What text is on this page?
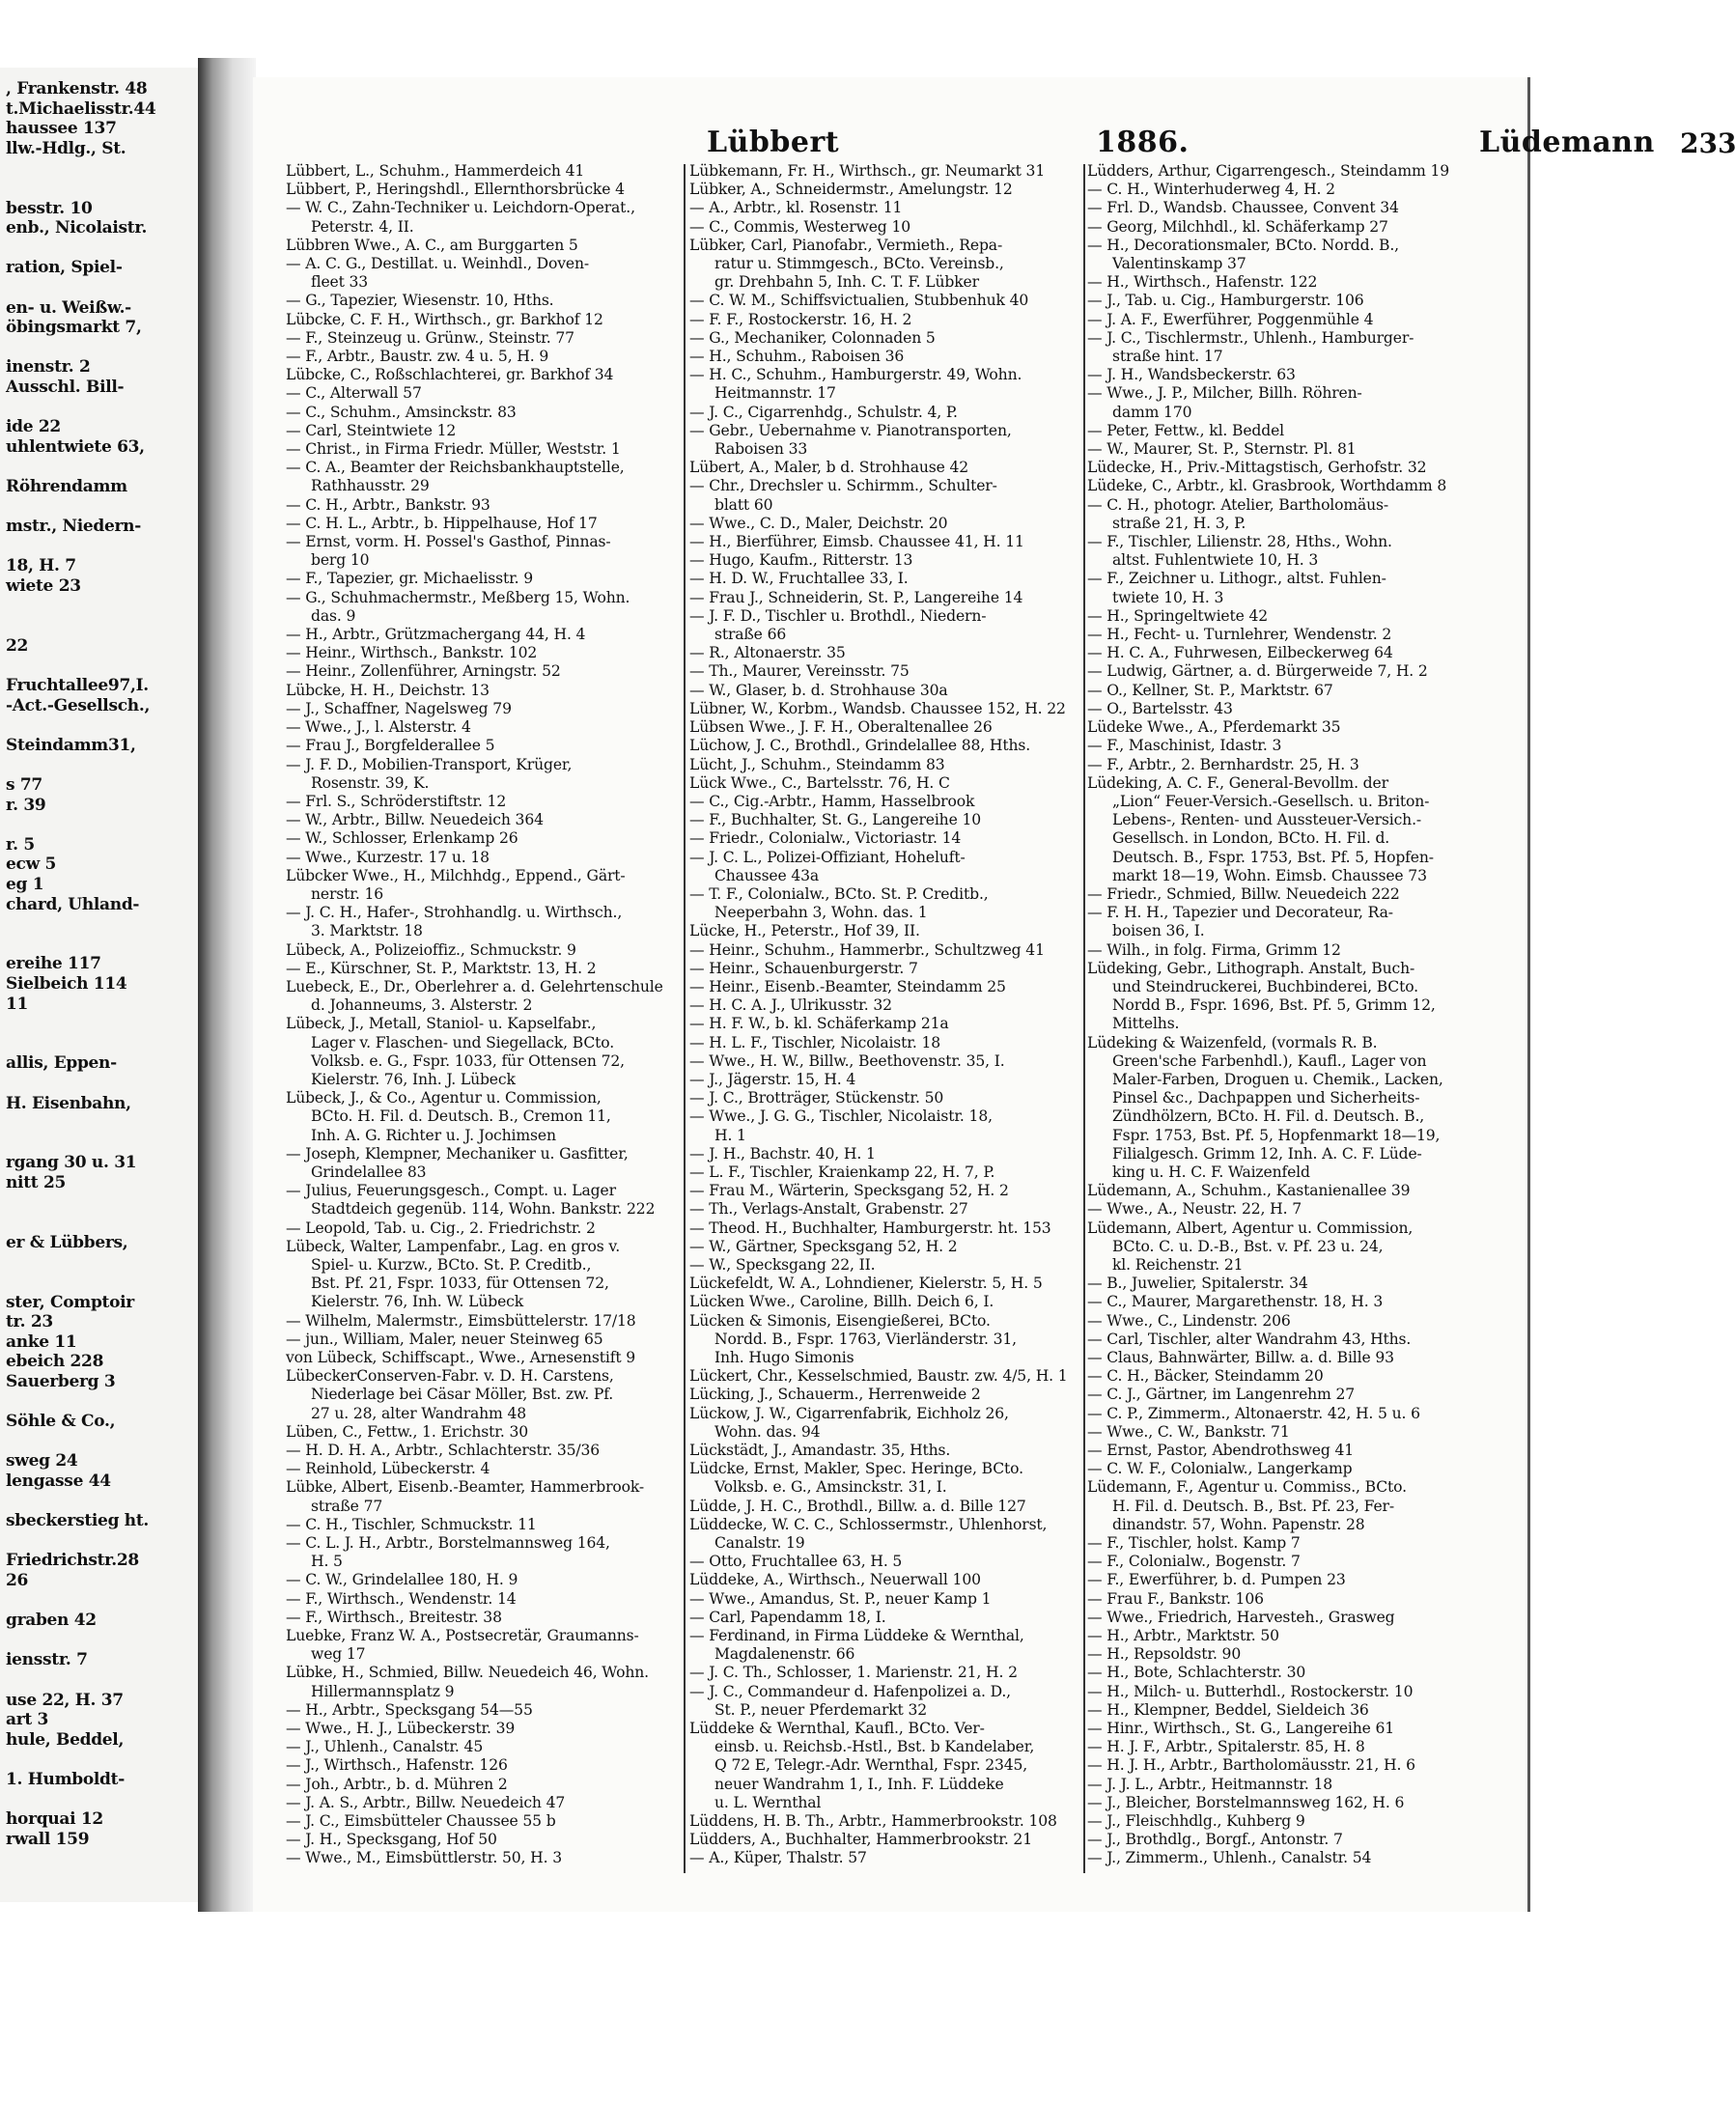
, Frankenstr. 48
t.Michaelisstr.44
haussee 137
llw.-Hdlg., St.
besstr. 10
enb., Nicolaistr.
ration, Spiel-
en- u. Weißw.-
öbingsmarkt 7,
inenstr. 2
Ausschl. Bill-
ide 22
uhlentwiete 63,
Röhrendamm
mstr., Niedern-
18, H. 7
wiete 23
22
Fruchtallee97,I.
-Act.-Gesellsch.,
Steindamm31,
s 77
r. 39
r. 5
ecw 5
eg 1
chard, Uhland-
ereihe 117
Sielbeich 114
11
allis, Eppen-
H. Eisenbahn,
rgang 30 u. 31
nitt 25
er & Lübbers,
ster, Comptoir
tr. 23
anke 11
ebeich 228
Sauerberg 3
Söhle & Co.,
sweg 24
lengasse 44
sbeckerstieg ht.
Friedrichstr.28
26
graben 42
iensstr. 7
use 22, H. 37
art 3
hule, Beddel,
1. Humboldt-
horquai 12
rwall 159
Lübbert	1886.	Lüdemann 233
Lübbert, L., Schuhm., Hammerdeich 41
Lübbert, P., Heringshdl., Ellernthorsbrücke 4
— W. C., Zahn-Techniker u. Leichdorn-Operat.,
Peterstr. 4, II.
Lübbren Wwe., A. C., am Burggarten 5
— A. C. G., Destillat. u. Weinhdl., Doven-
fleet 33
— G., Tapezier, Wiesenstr. 10, Hths.
Lübcke, C. F. H., Wirthsch., gr. Barkhof 12
— F., Steinzeug u. Grünw., Steinstr. 77
— F., Arbtr., Baustr. zw. 4 u. 5, H. 9
Lübcke, C., Roßschlachterei, gr. Barkhof 34
— C., Alterwall 57
— C., Schuhm., Amsinckstr. 83
— Carl, Steintwiete 12
— Christ., in Firma Friedr. Müller, Weststr. 1
— C. A., Beamter der Reichsbankhauptstelle,
Rathhausstr. 29
— C. H., Arbtr., Bankstr. 93
— C. H. L., Arbtr., b. Hippelhause, Hof 17
— Ernst, vorm. H. Possel's Gasthof, Pinnas-
berg 10
— F., Tapezier, gr. Michaelisstr. 9
— G., Schuhmachermstr., Meßberg 15, Wohn.
das. 9
— H., Arbtr., Grützmachergang 44, H. 4
— Heinr., Wirthsch., Bankstr. 102
— Heinr., Zollenführer, Arningstr. 52
Lübcke, H. H., Deichstr. 13
— J., Schaffner, Nagelsweg 79
— Wwe., J., l. Alsterstr. 4
— Frau J., Borgfelderallee 5
— J. F. D., Mobilien-Transport, Krüger,
Rosenstr. 39, K.
— Frl. S., Schröderstiftstr. 12
— W., Arbtr., Billw. Neuedeich 364
— W., Schlosser, Erlenkamp 26
— Wwe., Kurzestr. 17 u. 18
Lübcker Wwe., H., Milchhdg., Eppend., Gärt-
nerstr. 16
— J. C. H., Hafer-, Strohhandlg. u. Wirthsch.,
3. Marktstr. 18
Lübeck, A., Polizeioffiz., Schmuckstr. 9
— E., Kürschner, St. P., Marktstr. 13, H. 2
Luebeck, E., Dr., Oberlehrer a. d. Gelehrtenschule
d. Johanneums, 3. Alsterstr. 2
Lübeck, J., Metall, Staniol- u. Kapselfabr.,
Lager v. Flaschen- und Siegellack, BCto.
Volksb. e. G., Fspr. 1033, für Ottensen 72,
Kielerstr. 76, Inh. J. Lübeck
Lübeck, J., & Co., Agentur u. Commission,
BCto. H. Fil. d. Deutsch. B., Cremon 11,
Inh. A. G. Richter u. J. Jochimsen
— Joseph, Klempner, Mechaniker u. Gasfitter,
Grindelallee 83
— Julius, Feuerungsgesch., Compt. u. Lager
Stadtdeich gegenüb. 114, Wohn. Bankstr. 222
— Leopold, Tab. u. Cig., 2. Friedrichstr. 2
Lübeck, Walter, Lampenfabr., Lag. en gros v.
Spiel- u. Kurzw., BCto. St. P. Creditb.,
Bst. Pf. 21, Fspr. 1033, für Ottensen 72,
Kielerstr. 76, Inh. W. Lübeck
— Wilhelm, Malermstr., Eimsbüttelerstr. 17/18
— jun., William, Maler, neuer Steinweg 65
von Lübeck, Schiffscapt., Wwe., Arnesenstift 9
LübeckerConserven-Fabr. v. D. H. Carstens,
Niederlage bei Cäsar Möller, Bst. zw. Pf.
27 u. 28, alter Wandrahm 48
Lüben, C., Fettw., 1. Erichstr. 30
— H. D. H. A., Arbtr., Schlachterstr. 35/36
— Reinhold, Lübeckerstr. 4
Lübke, Albert, Eisenb.-Beamter, Hammerbrook-
straße 77
— C. H., Tischler, Schmuckstr. 11
— C. L. J. H., Arbtr., Borstelmannsweg 164,
H. 5
— C. W., Grindelallee 180, H. 9
— F., Wirthsch., Wendenstr. 14
— F., Wirthsch., Breitestr. 38
Luebke, Franz W. A., Postsecretär, Graumanns-
weg 17
Lübke, H., Schmied, Billw. Neuedeich 46, Wohn.
Hillermannsplatz 9
— H., Arbtr., Specksgang 54—55
— Wwe., H. J., Lübeckerstr. 39
— J., Uhlenh., Canalstr. 45
— J., Wirthsch., Hafenstr. 126
— Joh., Arbtr., b. d. Mühren 2
— J. A. S., Arbtr., Billw. Neuedeich 47
— J. C., Eimsbütteler Chaussee 55 b
— J. H., Specksgang, Hof 50
— Wwe., M., Eimsbüttlerstr. 50, H. 3
Lübkemann, Fr. H., Wirthsch., gr. Neumarkt 31
Lübker, A., Schneidermstr., Amelungstr. 12
— A., Arbtr., kl. Rosenstr. 11
— C., Commis, Westerweg 10
Lübker, Carl, Pianofabr., Vermieth., Repa-
ratur u. Stimmgesch., BCto. Vereinsb.,
gr. Drehbahn 5, Inh. C. T. F. Lübker
— C. W. M., Schiffsvictualien, Stubbenhuk 40
— F. F., Rostockerstr. 16, H. 2
— G., Mechaniker, Colonnaden 5
— H., Schuhm., Raboisen 36
— H. C., Schuhm., Hamburgerstr. 49, Wohn.
Heitmannstr. 17
— J. C., Cigarrenhdg., Schulstr. 4, P.
— Gebr., Uebernahme v. Pianotransporten,
Raboisen 33
Lübert, A., Maler, b d. Strohhause 42
— Chr., Drechsler u. Schirmm., Schulter-
blatt 60
— Wwe., C. D., Maler, Deichstr. 20
— H., Bierführer, Eimsb. Chaussee 41, H. 11
— Hugo, Kaufm., Ritterstr. 13
— H. D. W., Fruchtallee 33, I.
— Frau J., Schneiderin, St. P., Langereihe 14
— J. F. D., Tischler u. Brothdl., Niedern-
straße 66
— R., Altonaerstr. 35
— Th., Maurer, Vereinsstr. 75
— W., Glaser, b. d. Strohhause 30a
Lübner, W., Korbm., Wandsb. Chaussee 152, H. 22
Lübsen Wwe., J. F. H., Oberaltenallee 26
Lüchow, J. C., Brothdl., Grindelallee 88, Hths.
Lücht, J., Schuhm., Steindamm 83
Lück Wwe., C., Bartelsstr. 76, H. C
— C., Cig.-Arbtr., Hamm, Hasselbrook
— F., Buchhalter, St. G., Langereihe 10
— Friedr., Colonialw., Victoriastr. 14
— J. C. L., Polizei-Offiziant, Hoheluft-
Chaussee 43a
— T. F., Colonialw., BCto. St. P. Creditb.,
Neeperbahn 3, Wohn. das. 1
Lücke, H., Peterstr., Hof 39, II.
— Heinr., Schuhm., Hammerbr., Schultzweg 41
— Heinr., Schauenburgerstr. 7
— Heinr., Eisenb.-Beamter, Steindamm 25
— H. C. A. J., Ulrikusstr. 32
— H. F. W., b. kl. Schäferkamp 21a
— H. L. F., Tischler, Nicolaistr. 18
— Wwe., H. W., Billw., Beethovenstr. 35, I.
— J., Jägerstr. 15, H. 4
— J. C., Brotträger, Stückenstr. 50
— Wwe., J. G. G., Tischler, Nicolaistr. 18,
H. 1
— J. H., Bachstr. 40, H. 1
— L. F., Tischler, Kraienkamp 22, H. 7, P.
— Frau M., Wärterin, Specksgang 52, H. 2
— Th., Verlags-Anstalt, Grabenstr. 27
— Theod. H., Buchhalter, Hamburgerstr. ht. 153
— W., Gärtner, Specksgang 52, H. 2
— W., Specksgang 22, II.
Lückefeldt, W. A., Lohndiener, Kielerstr. 5, H. 5
Lücken Wwe., Caroline, Billh. Deich 6, I.
Lücken & Simonis, Eisengießerei, BCto.
Nordd. B., Fspr. 1763, Vierländerstr. 31,
Inh. Hugo Simonis
Lückert, Chr., Kesselschmied, Baustr. zw. 4/5, H. 1
Lücking, J., Schauerm., Herrenweide 2
Lückow, J. W., Cigarrenfabrik, Eichholz 26,
Wohn. das. 94
Lückstädt, J., Amandastr. 35, Hths.
Lüdcke, Ernst, Makler, Spec. Heringe, BCto.
Volksb. e. G., Amsinckstr. 31, I.
Lüdde, J. H. C., Brothdl., Billw. a. d. Bille 127
Lüddecke, W. C. C., Schlossermstr., Uhlenhorst,
Canalstr. 19
— Otto, Fruchtallee 63, H. 5
Lüddeke, A., Wirthsch., Neuerwall 100
— Wwe., Amandus, St. P., neuer Kamp 1
— Carl, Papendamm 18, I.
— Ferdinand, in Firma Lüddeke & Wernthal,
Magdalenenstr. 66
— J. C. Th., Schlosser, 1. Marienstr. 21, H. 2
— J. C., Commandeur d. Hafenpolizei a. D.,
St. P., neuer Pferdemarkt 32
Lüddeke & Wernthal, Kaufl., BCto. Ver-
einsb. u. Reichsb.-Hstl., Bst. b Kandelaber,
Q 72 E, Telegr.-Adr. Wernthal, Fspr. 2345,
neuer Wandrahm 1, I., Inh. F. Lüddeke
u. L. Wernthal
Lüddens, H. B. Th., Arbtr., Hammerbrookstr. 108
Lüdders, A., Buchhalter, Hammerbrookstr. 21
— A., Küper, Thalstr. 57
Lüdders, Arthur, Cigarrengesch., Steindamm 19
— C. H., Winterhuderweg 4, H. 2
— Frl. D., Wandsb. Chaussee, Convent 34
— Georg, Milchhdl., kl. Schäferkamp 27
— H., Decorationsmaler, BCto. Nordd. B.,
Valentinskamp 37
— H., Wirthsch., Hafenstr. 122
— J., Tab. u. Cig., Hamburgerstr. 106
— J. A. F., Ewerführer, Poggenmühle 4
— J. C., Tischlermstr., Uhlenh., Hamburger-
straße hint. 17
— J. H., Wandsbeckerstr. 63
— Wwe., J. P., Milcher, Billh. Röhren-
damm 170
— Peter, Fettw., kl. Beddel
— W., Maurer, St. P., Sternstr. Pl. 81
Lüdecke, H., Priv.-Mittagstisch, Gerhofstr. 32
Lüdeke, C., Arbtr., kl. Grasbrook, Worthdamm 8
— C. H., photogr. Atelier, Bartholomäus-
straße 21, H. 3, P.
— F., Tischler, Lilienstr. 28, Hths., Wohn.
altst. Fuhlentwiete 10, H. 3
— F., Zeichner u. Lithogr., altst. Fuhlen-
twiete 10, H. 3
— H., Springeltwiete 42
— H., Fecht- u. Turnlehrer, Wendenstr. 2
— H. C. A., Fuhrwesen, Eilbeckerweg 64
— Ludwig, Gärtner, a. d. Bürgerweide 7, H. 2
— O., Kellner, St. P., Marktstr. 67
— O., Bartelsstr. 43
Lüdeke Wwe., A., Pferdemarkt 35
— F., Maschinist, Idastr. 3
— F., Arbtr., 2. Bernhardstr. 25, H. 3
Lüdeking, A. C. F., General-Bevollm. der
„Lion“ Feuer-Versich.-Gesellsch. u. Briton-
Lebens-, Renten- und Aussteuer-Versich.-
Gesellsch. in London, BCto. H. Fil. d.
Deutsch. B., Fspr. 1753, Bst. Pf. 5, Hopfen-
markt 18—19, Wohn. Eimsb. Chaussee 73
— Friedr., Schmied, Billw. Neuedeich 222
— F. H. H., Tapezier und Decorateur, Ra-
boisen 36, I.
— Wilh., in folg. Firma, Grimm 12
Lüdeking, Gebr., Lithograph. Anstalt, Buch-
und Steindruckerei, Buchbinderei, BCto.
Nordd B., Fspr. 1696, Bst. Pf. 5, Grimm 12,
Mittelhs.
Lüdeking & Waizenfeld, (vormals R. B.
Green'sche Farbenhdl.), Kaufl., Lager von
Maler-Farben, Droguen u. Chemik., Lacken,
Pinsel &c., Dachpappen und Sicherheits-
Zündhölzern, BCto. H. Fil. d. Deutsch. B.,
Fspr. 1753, Bst. Pf. 5, Hopfenmarkt 18—19,
Filialgesch. Grimm 12, Inh. A. C. F. Lüde-
king u. H. C. F. Waizenfeld
Lüdemann, A., Schuhm., Kastanienallee 39
— Wwe., A., Neustr. 22, H. 7
Lüdemann, Albert, Agentur u. Commission,
BCto. C. u. D.-B., Bst. v. Pf. 23 u. 24,
kl. Reichenstr. 21
— B., Juwelier, Spitalerstr. 34
— C., Maurer, Margarethenstr. 18, H. 3
— Wwe., C., Lindenstr. 206
— Carl, Tischler, alter Wandrahm 43, Hths.
— Claus, Bahnwärter, Billw. a. d. Bille 93
— C. H., Bäcker, Steindamm 20
— C. J., Gärtner, im Langenrehm 27
— C. P., Zimmerm., Altonaerstr. 42, H. 5 u. 6
— Wwe., C. W., Bankstr. 71
— Ernst, Pastor, Abendrothsweg 41
— C. W. F., Colonialw., Langerkamp
Lüdemann, F., Agentur u. Commiss., BCto.
H. Fil. d. Deutsch. B., Bst. Pf. 23, Fer-
dinandstr. 57, Wohn. Papenstr. 28
— F., Tischler, holst. Kamp 7
— F., Colonialw., Bogenstr. 7
— F., Ewerführer, b. d. Pumpen 23
— Frau F., Bankstr. 106
— Wwe., Friedrich, Harvesteh., Grasweg
— H., Arbtr., Marktstr. 50
— H., Repsoldstr. 90
— H., Bote, Schlachterstr. 30
— H., Milch- u. Butterhdl., Rostockerstr. 10
— H., Klempner, Beddel, Sieldeich 36
— Hinr., Wirthsch., St. G., Langereihe 61
— H. J. F., Arbtr., Spitalerstr. 85, H. 8
— H. J. H., Arbtr., Bartholomäusstr. 21, H. 6
— J. J. L., Arbtr., Heitmannstr. 18
— J., Bleicher, Borstelmannsweg 162, H. 6
— J., Fleischhdlg., Kuhberg 9
— J., Brothdlg., Borgf., Antonstr. 7
— J., Zimmerm., Uhlenh., Canalstr. 54
